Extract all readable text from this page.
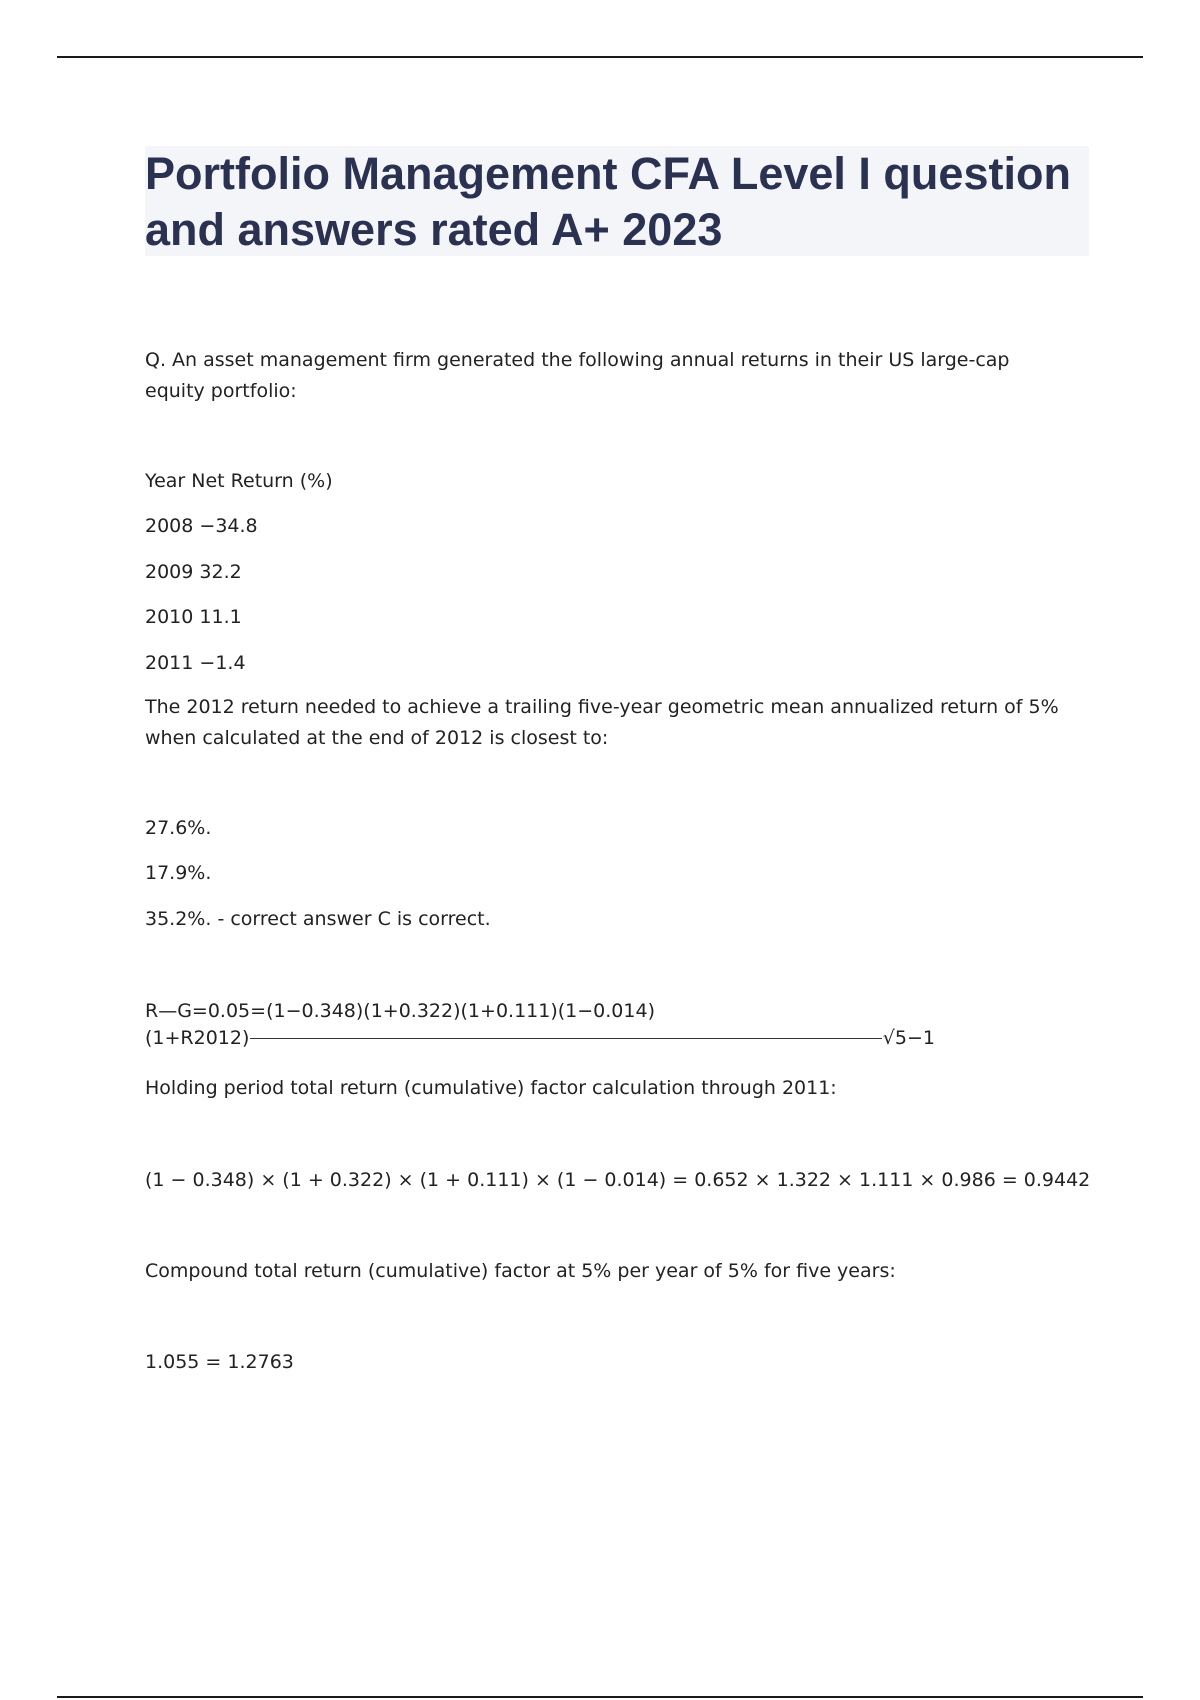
Portfolio Management CFA Level I question and answers rated A+ 2023
Q. An asset management firm generated the following annual returns in their US large-cap equity portfolio:
Year Net Return (%)
2008 −34.8
2009 32.2
2010 11.1
2011 −1.4
The 2012 return needed to achieve a trailing five-year geometric mean annualized return of 5% when calculated at the end of 2012 is closest to:
27.6%.
17.9%.
35.2%. - correct answer C is correct.
R—G=0.05=(1−0.348)(1+0.322)(1+0.111)(1−0.014)
(1+R2012)	√5−1
Holding period total return (cumulative) factor calculation through 2011:
(1 − 0.348) × (1 + 0.322) × (1 + 0.111) × (1 − 0.014) = 0.652 × 1.322 × 1.111 × 0.986 = 0.9442
Compound total return (cumulative) factor at 5% per year of 5% for five years:
1.055 = 1.2763
